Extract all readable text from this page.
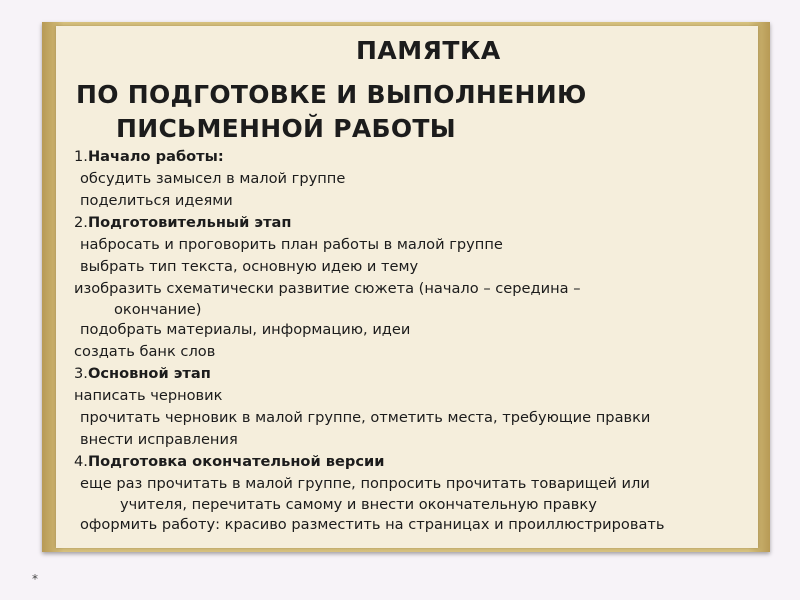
ПАМЯТКА
ПО ПОДГОТОВКЕ И ВЫПОЛНЕНИЮ
ПИСЬМЕННОЙ РАБОТЫ
1.Начало работы:
обсудить замысел в малой группе
поделиться идеями
2.Подготовительный этап
набросать и проговорить план работы в малой группе
выбрать тип текста, основную идею и тему
изобразить схематически развитие сюжета (начало – середина –
окончание)
подобрать материалы, информацию, идеи
создать банк слов
3.Основной этап
написать черновик
прочитать черновик в малой группе, отметить места, требующие правки
внести исправления
4.Подготовка окончательной версии
еще раз прочитать в малой группе, попросить прочитать товарищей или
учителя, перечитать самому и внести окончательную правку
оформить работу: красиво разместить на страницах и проиллюстрировать
*
